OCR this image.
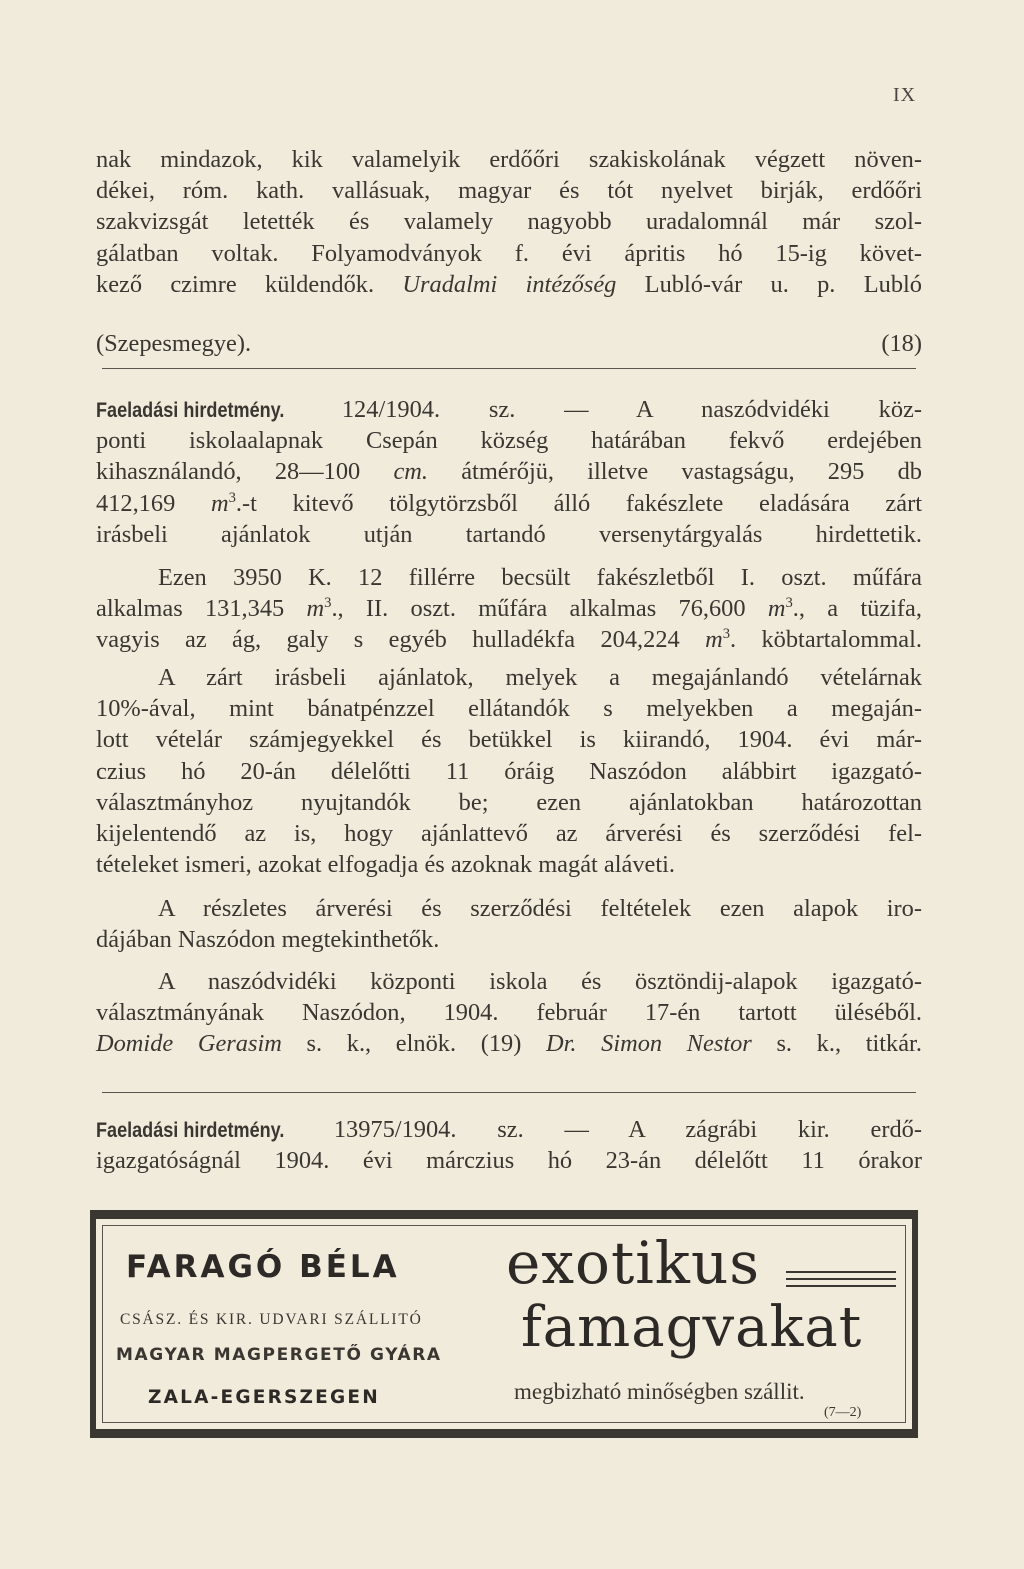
IX

nak mindazok, kik valamelyik erdőőri szakiskolának végzett növen-

dékei, róm. kath. vallásuak, magyar és tót nyelvet birják, erdőőri

szakvizsgát letették és valamely nagyobb uradalomnál már szol-

gálatban voltak. Folyamodványok f. évi ápritis hó 15-ig követ-

kező czimre küldendők. Uradalmi intézőség Lubló-vár u. p. Lubló

(Szepesmegye).	(18)

Faeladási hirdetmény. 124/1904. sz. — A naszódvidéki köz-

ponti iskolaalapnak Csepán község határában fekvő erdejében

kihasználandó, 28—100 cm. átmérőjü, illetve vastagságu, 295 db

412,169 $m^3.-t$ kitevő tölgytörzsből álló fakészlete eladására zárt

irásbeli ajánlatok utján tartandó versenytárgyalás hirdettetik.

Ezen 3950 K. 12 fillérre becsült fakészletből I. oszt. műfára

alkalmas 131,345 $m^3$., II. oszt. műfára alkalmas 76,600 $m^3$., a tüzifa,

vagyis az ág, galy s egyéb hulladékfa 204,224 $m^3$. köbtartalommal.

A zárt irásbeli ajánlatok, melyek a megajánlandó vételárnak

10%-ával, mint bánatpénzzel ellátandók s melyekben a megaján-

lott vételár számjegyekkel és betükkel is kiirandó, 1904. évi már-

czius hó 20-án délelőtti 11 óráig Naszódon alábbirt igazgató-

választmányhoz nyujtandók be; ezen ajánlatokban határozottan

kijelentendő az is, hogy ajánlattevő az árverési és szerződési fel-

tételeket ismeri, azokat elfogadja és azoknak magát aláveti.

A részletes árverési és szerződési feltételek ezen alapok iro-

dájában Naszódon megtekinthetők.

A naszódvidéki központi iskola és ösztöndij-alapok igazgató-

választmányának Naszódon, 1904. február 17-én tartott üléséből.

Domide Gerasim s. k., elnök. (19) Dr. Simon Nestor s. k., titkár.

Faeladási hirdetmény. 13975/1904. sz. — A zágrábi kir. erdő-

igazgatóságnál 1904. évi márczius hó 23-án délelőtt 11 órakor

FARAGÓ BÉLA
CSÁSZ. ÉS KIR. UDVARI SZÁLLITÓ
MAGYAR MAGPERGETŐ GYÁRA
ZALA-EGERSZEGEN
exotikus
famagvakat
megbizható minőségben szállit.
(7—2)
